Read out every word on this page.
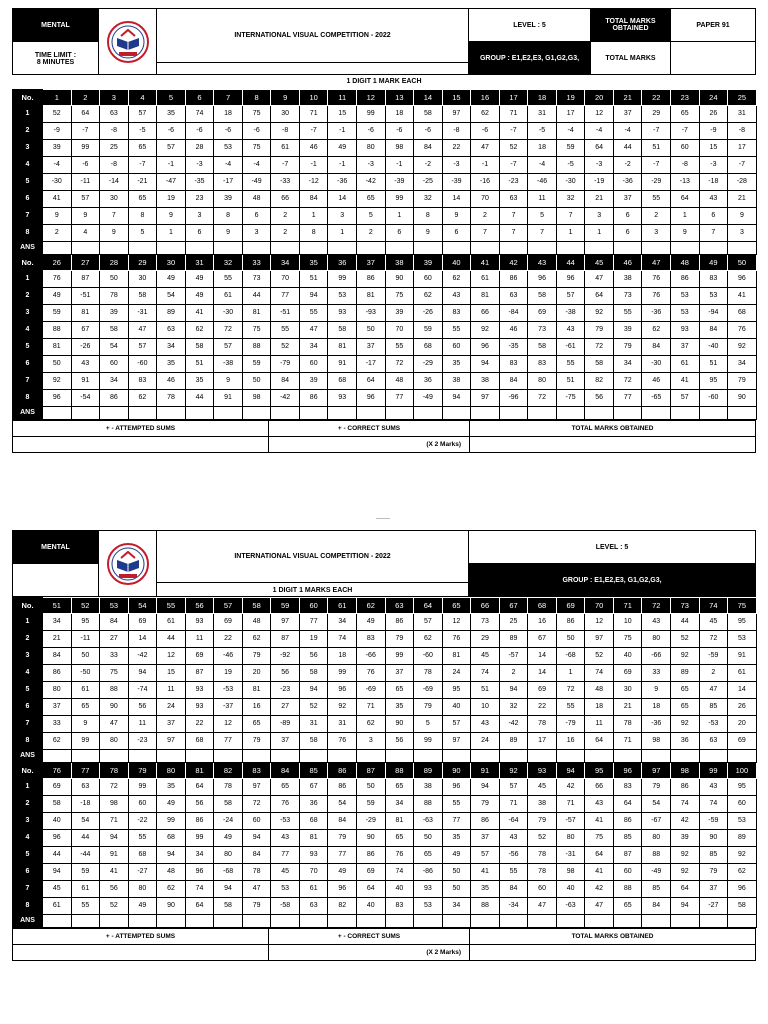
MENTAL
TIME LIMIT :
8 MINUTES
INTERNATIONAL VISUAL COMPETITION - 2022
LEVEL : 5	TOTAL MARKS OBTAINED	PAPER 91
GROUP : E1,E2,E3, G1,G2,G3,	TOTAL MARKS
1 DIGIT 1 MARK EACH
No.	1	2	3	4	5	6	7	8	9	10	11	12	13	14	15	16	17	18	19	20	21	22	23	24	25
1	52	64	63	57	35	74	18	75	30	71	15	99	18	58	97	62	71	31	17	12	37	29	65	26	31
2	-9	-7	-8	-5	-6	-6	-6	-6	-8	-7	-1	-6	-6	-6	-8	-6	-7	-5	-4	-4	-4	-7	-7	-9	-8
3	39	99	25	65	57	28	53	75	61	46	49	80	98	84	22	47	52	18	59	64	44	51	60	15	17
4	-4	-6	-8	-7	-1	-3	-4	-4	-7	-1	-1	-3	-1	-2	-3	-1	-7	-4	-5	-3	-2	-7	-8	-3	-7
5	-30	-11	-14	-21	-47	-35	-17	-49	-33	-12	-36	-42	-39	-25	-39	-16	-23	-46	-30	-19	-36	-29	-13	-18	-28
6	41	57	30	65	19	23	39	48	66	84	14	65	99	32	14	70	63	11	32	21	37	55	64	43	21
7	9	9	7	8	9	3	8	6	2	1	3	5	1	8	9	2	7	5	7	3	6	2	1	6	9
8	2	4	9	5	1	6	9	3	2	8	1	2	6	9	6	7	7	7	1	1	6	3	9	7	3
ANS																									
No.	26	27	28	29	30	31	32	33	34	35	36	37	38	39	40	41	42	43	44	45	46	47	48	49	50
1	76	87	50	30	49	49	55	73	70	51	99	86	90	60	62	61	86	96	96	47	38	76	86	83	96
2	49	-51	78	58	54	49	61	44	77	94	53	81	75	62	43	81	63	58	57	64	73	76	53	53	41
3	59	81	39	-31	89	41	-30	81	-51	55	93	-93	39	-26	83	66	-84	69	-38	92	55	-36	53	-94	68
4	88	67	58	47	63	62	72	75	55	47	58	50	70	59	55	92	46	73	43	79	39	62	93	84	76
5	81	-26	54	57	34	58	57	88	52	34	81	37	55	68	60	96	-35	58	-61	72	79	84	37	-40	92
6	50	43	60	-60	35	51	-38	59	-79	60	91	-17	72	-29	35	94	83	83	55	58	34	-30	61	51	34
7	92	91	34	83	46	35	9	50	84	39	68	64	48	36	38	38	84	80	51	82	72	46	41	95	79
8	96	-54	86	62	78	44	91	98	-42	86	93	96	77	-49	94	97	-96	72	-75	56	77	-65	57	-60	90
ANS																									
+ - ATTEMPTED SUMS	+ - CORRECT SUMS	TOTAL MARKS OBTAINED
	(X 2 Marks)	
MENTAL
INTERNATIONAL VISUAL COMPETITION - 2022
1 DIGIT 1 MARKS EACH
LEVEL : 5
GROUP : E1,E2,E3, G1,G2,G3,
No.	51	52	53	54	55	56	57	58	59	60	61	62	63	64	65	66	67	68	69	70	71	72	73	74	75
1	34	95	84	69	61	93	69	48	97	77	34	49	86	57	12	73	25	16	86	12	10	43	44	45	95
2	21	-11	27	14	44	11	22	62	87	19	74	83	79	62	76	29	89	67	50	97	75	80	52	72	53
3	84	50	33	-42	12	69	-46	79	-92	56	18	-66	99	-60	81	45	-57	14	-68	52	40	-66	92	-59	91
4	86	-50	75	94	15	87	19	20	56	58	99	76	37	78	24	74	2	14	1	74	69	33	89	2	61
5	80	61	88	-74	11	93	-53	81	-23	94	96	-69	65	-69	95	51	94	69	72	48	30	9	65	47	14
6	37	65	90	56	24	93	-37	16	27	52	92	71	35	79	40	10	32	22	55	18	21	18	65	85	26
7	33	9	47	11	37	22	12	65	-89	31	31	62	90	5	57	43	-42	78	-79	11	78	-36	92	-53	20
8	62	99	80	-23	97	68	77	79	37	58	76	3	56	99	97	24	89	17	16	64	71	98	36	63	69
ANS																									
No.	76	77	78	79	80	81	82	83	84	85	86	87	88	89	90	91	92	93	94	95	96	97	98	99	100
1	69	63	72	99	35	64	78	97	65	67	86	50	65	38	96	94	57	45	42	66	83	79	86	43	95
2	58	-18	98	60	49	56	58	72	76	36	54	59	34	88	55	79	71	38	71	43	64	54	74	74	60
3	40	54	71	-22	99	86	-24	60	-53	68	84	-29	81	-63	77	86	-64	79	-57	41	86	-67	42	-59	53
4	96	44	94	55	68	99	49	94	43	81	79	90	65	50	35	37	43	52	80	75	85	80	39	90	89
5	44	-44	91	68	94	34	80	84	77	93	77	86	76	65	49	57	-56	78	-31	64	87	88	92	85	92
6	94	59	41	-27	48	96	-68	78	45	70	49	69	74	-86	50	41	55	78	98	41	60	-49	92	79	62
7	45	61	56	80	62	74	94	47	53	61	96	64	40	93	50	35	84	60	40	42	88	85	64	37	96
8	61	55	52	49	90	64	58	79	-58	63	82	40	83	53	34	88	-34	47	-63	47	65	84	94	-27	58
ANS																									
+ - ATTEMPTED SUMS	+ - CORRECT SUMS	TOTAL MARKS OBTAINED
	(X 2 Marks)	
